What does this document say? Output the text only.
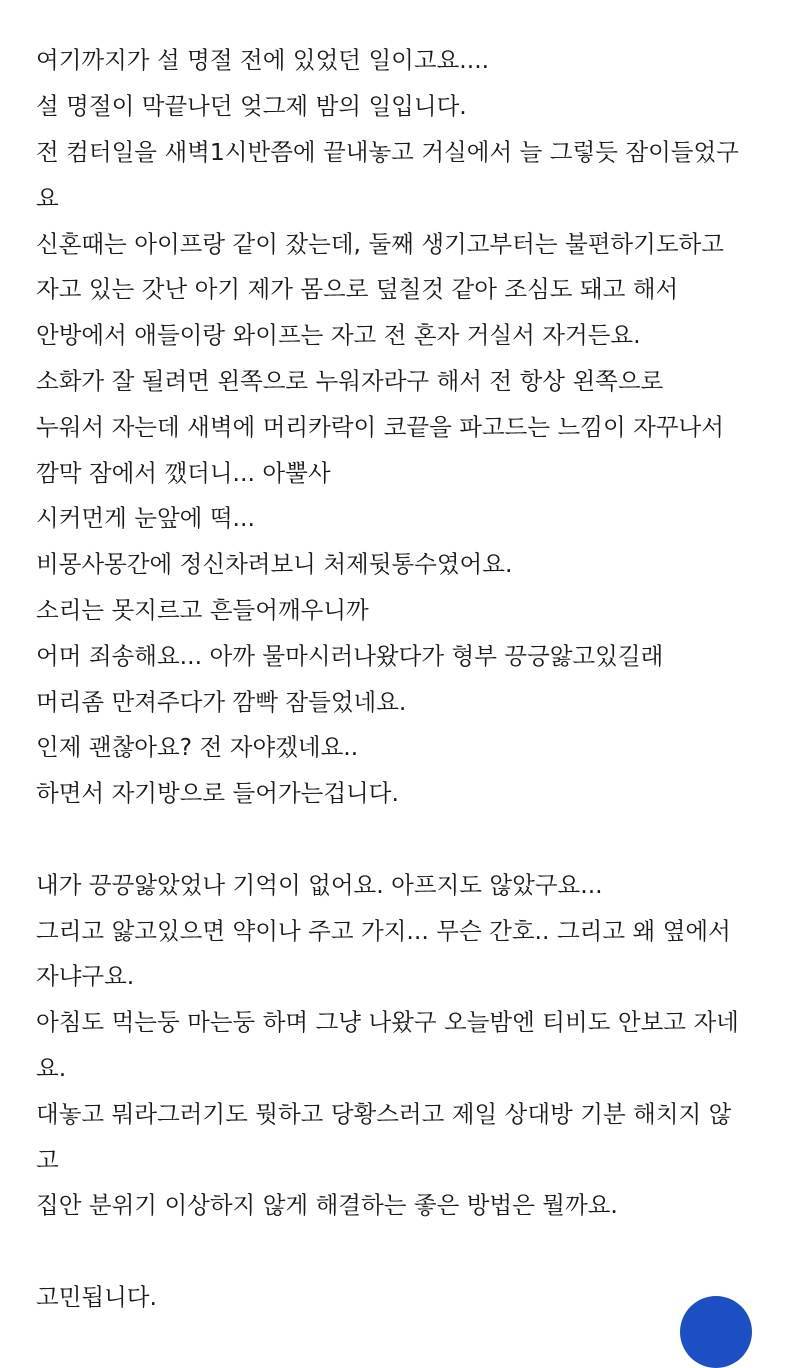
여기까지가 설 명절 전에 있었던 일이고요....
설 명절이 막끝나던 엊그제 밤의 일입니다.
전 컴터일을 새벽1시반쯤에 끝내놓고 거실에서 늘 그렇듯 잠이들었구
요
신혼때는 아이프랑 같이 잤는데, 둘째 생기고부터는 불편하기도하고
자고 있는 갓난 아기 제가 몸으로 덮칠것 같아 조심도 돼고 해서
안방에서 애들이랑 와이프는 자고 전 혼자 거실서 자거든요.
소화가 잘 될려면 왼쪽으로 누워자라구 해서 전 항상 왼쪽으로
누워서 자는데 새벽에 머리카락이 코끝을 파고드는 느낌이 자꾸나서
깜막 잠에서 깼더니... 아뿔사
시커먼게 눈앞에 떡...
비몽사몽간에 정신차려보니 처제뒷통수였어요.
소리는 못지르고 흔들어깨우니까
어머 죄송해요... 아까 물마시러나왔다가 형부 끙긍앓고있길래
머리좀 만져주다가 깜빡 잠들었네요.
인제 괜찮아요? 전 자야겠네요..
하면서 자기방으로 들어가는겁니다.
내가 끙끙앓았었나 기억이 없어요. 아프지도 않았구요...
그리고 앓고있으면 약이나 주고 가지... 무슨 간호.. 그리고 왜 옆에서
자냐구요.
아침도 먹는둥 마는둥 하며 그냥 나왔구 오늘밤엔 티비도 안보고 자네
요.
대놓고 뭐라그러기도 뭣하고 당황스러고 제일 상대방 기분 해치지 않
고
집안 분위기 이상하지 않게 해결하는 좋은 방법은 뭘까요.
고민됩니다.
